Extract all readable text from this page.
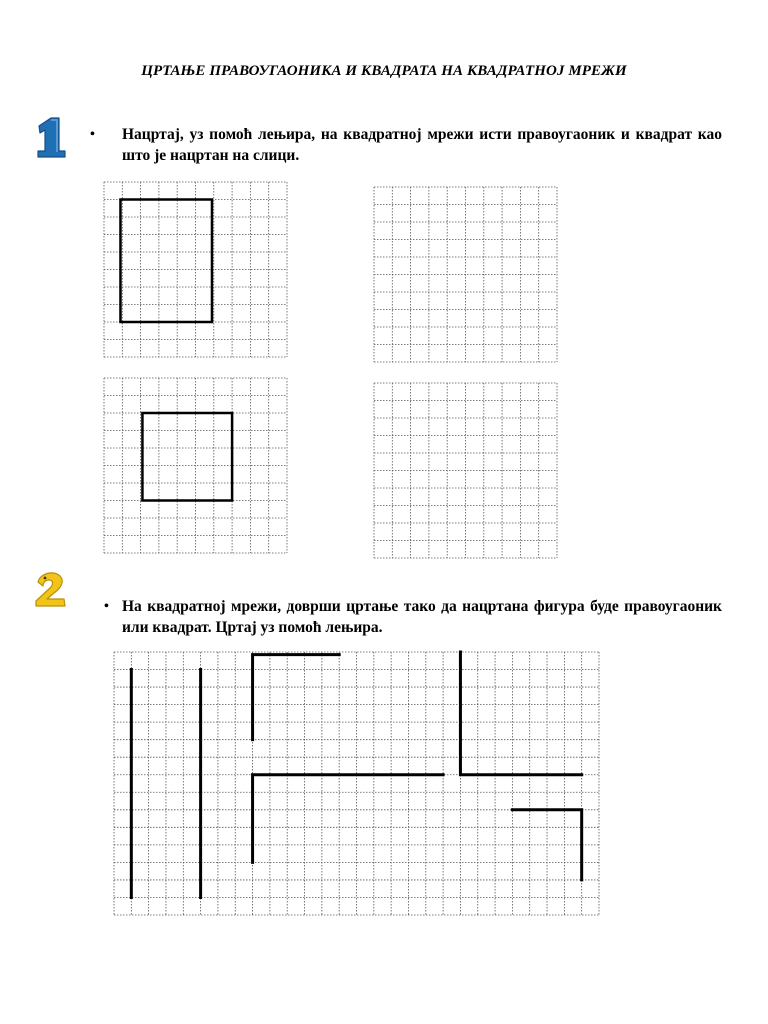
ЦРТАЊЕ ПРАВОУГАОНИКА И КВАДРАТА НА КВАДРАТНОЈ МРЕЖИ
•	Нацртај, уз помоћ лењира, на квадратној мрежи исти правоугаоник и квадрат као што је нацртан на слици.
• На квадратној мрежи, доврши цртање тако да нацртана фигура буде правоугаоник или квадрат. Цртај уз помоћ лењира.
